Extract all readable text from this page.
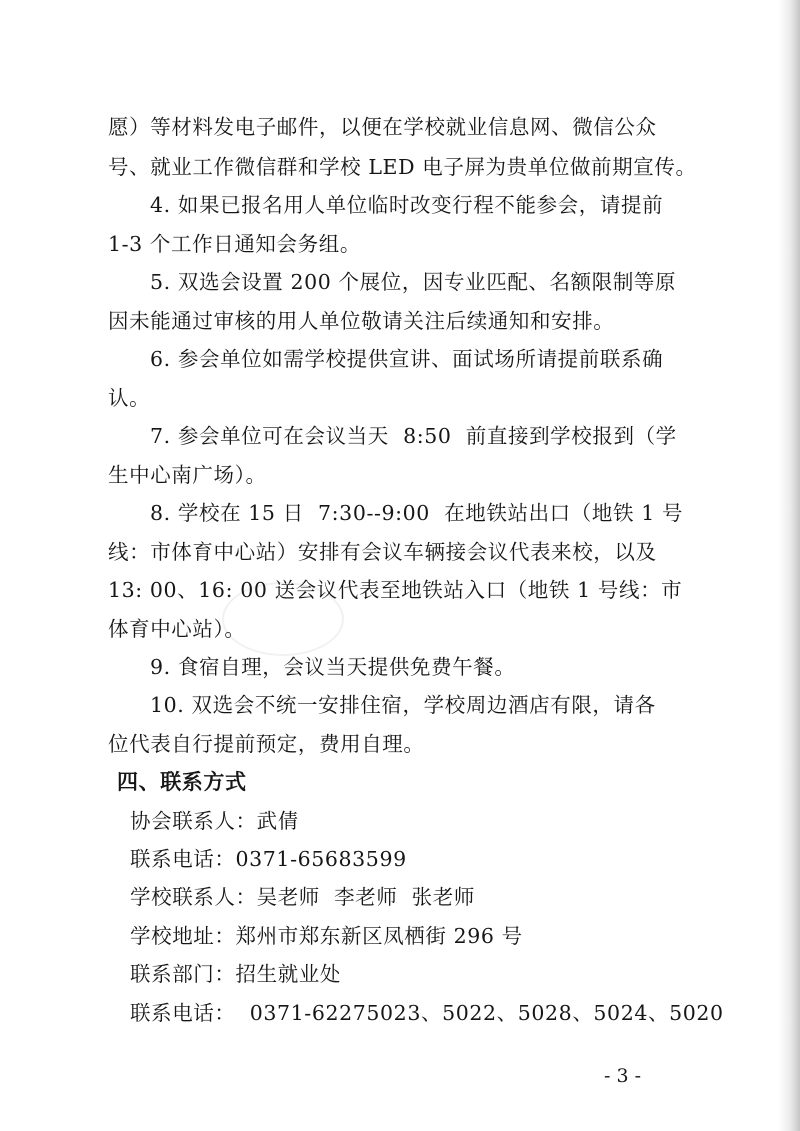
愿）等材料发电子邮件，以便在学校就业信息网、微信公众
号、就业工作微信群和学校 LED 电子屏为贵单位做前期宣传。
4. 如果已报名用人单位临时改变行程不能参会，请提前
1-3 个工作日通知会务组。
5. 双选会设置 200 个展位，因专业匹配、名额限制等原
因未能通过审核的用人单位敬请关注后续通知和安排。
6. 参会单位如需学校提供宣讲、面试场所请提前联系确
认。
7. 参会单位可在会议当天  8:50  前直接到学校报到（学
生中心南广场）。
8. 学校在 15 日  7:30--9:00  在地铁站出口（地铁 1 号
线：市体育中心站）安排有会议车辆接会议代表来校，以及
13: 00、16: 00 送会议代表至地铁站入口（地铁 1 号线：市
体育中心站）。
9. 食宿自理，会议当天提供免费午餐。
10. 双选会不统一安排住宿，学校周边酒店有限，请各
位代表自行提前预定，费用自理。
四、联系方式
协会联系人：武倩
联系电话：0371-65683599
学校联系人：吴老师  李老师  张老师
学校地址：郑州市郑东新区凤栖街 296 号
联系部门：招生就业处
联系电话：  0371-62275023、5022、5028、5024、5020
- 3 -
